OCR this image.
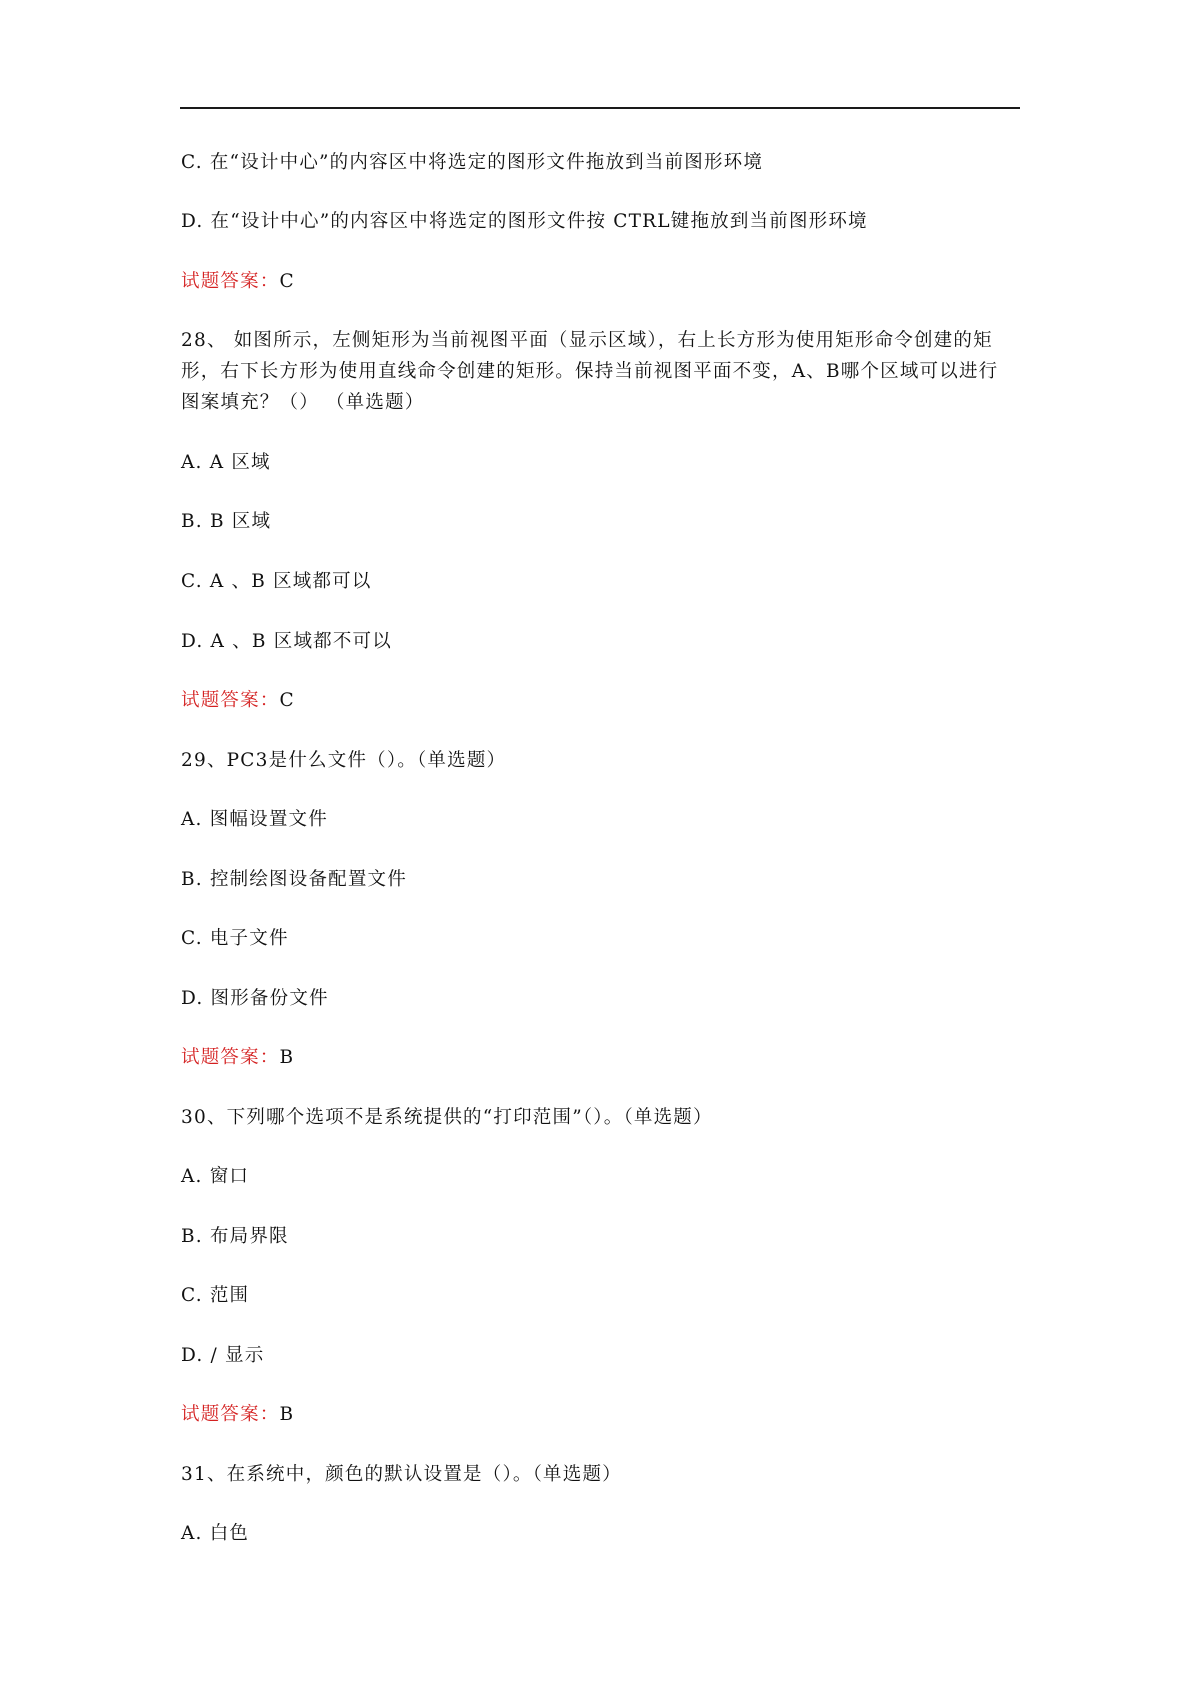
C. 在“设计中心”的内容区中将选定的图形文件拖放到当前图形环境
D. 在“设计中心”的内容区中将选定的图形文件按 CTRL键拖放到当前图形环境
试题答案：C
28、 如图所示，左侧矩形为当前视图平面（显示区域），右上长方形为使用矩形命令创建的矩
形，右下长方形为使用直线命令创建的矩形。保持当前视图平面不变，A、B哪个区域可以进行
图案填充？（） （单选题）
A. A 区域
B. B 区域
C. A 、B 区域都可以
D. A 、B 区域都不可以
试题答案：C
29、PC3是什么文件（）。（单选题）
A. 图幅设置文件
B. 控制绘图设备配置文件
C. 电子文件
D. 图形备份文件
试题答案：B
30、下列哪个选项不是系统提供的“打印范围”（）。（单选题）
A. 窗口
B. 布局界限
C. 范围
D. / 显示
试题答案：B
31、在系统中，颜色的默认设置是（）。（单选题）
A. 白色
